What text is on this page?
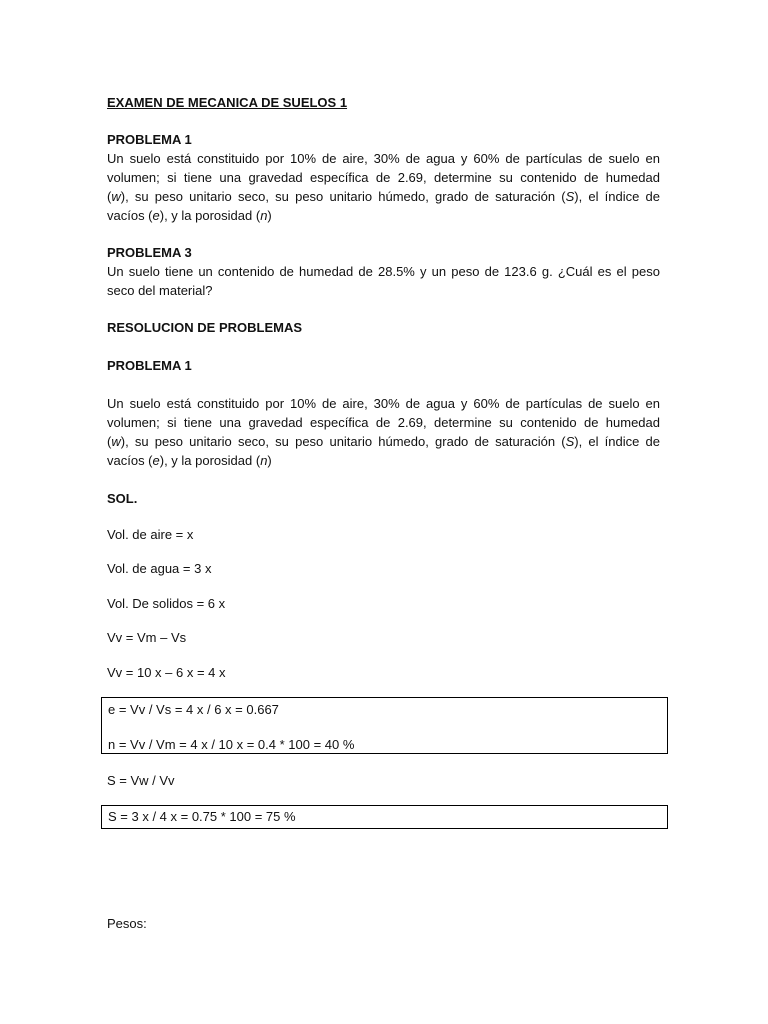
EXAMEN DE MECANICA DE SUELOS 1
PROBLEMA 1
Un suelo está constituido por 10% de aire, 30% de agua y 60% de partículas de suelo en
volumen; si tiene una gravedad específica de 2.69, determine su contenido de humedad
(w), su peso unitario seco, su peso unitario húmedo, grado de saturación (S), el índice de
vacíos (e), y la porosidad (n)
PROBLEMA 3
Un suelo tiene un contenido de humedad de 28.5% y un peso de 123.6 g. ¿Cuál es el peso
seco del material?
RESOLUCION DE PROBLEMAS
PROBLEMA 1
Un suelo está constituido por 10% de aire, 30% de agua y 60% de partículas de suelo en
volumen; si tiene una gravedad específica de 2.69, determine su contenido de humedad
(w), su peso unitario seco, su peso unitario húmedo, grado de saturación (S), el índice de
vacíos (e), y la porosidad (n)
SOL.
Vol. de aire = x
Vol. de agua = 3 x
Vol. De solidos = 6 x
Vv = Vm – Vs
Vv = 10 x – 6 x = 4 x
e = Vv / Vs = 4 x / 6 x = 0.667
n = Vv / Vm = 4 x / 10 x = 0.4 * 100 = 40 %
S = Vw / Vv
S = 3 x / 4 x = 0.75 * 100 = 75 %
Pesos:
